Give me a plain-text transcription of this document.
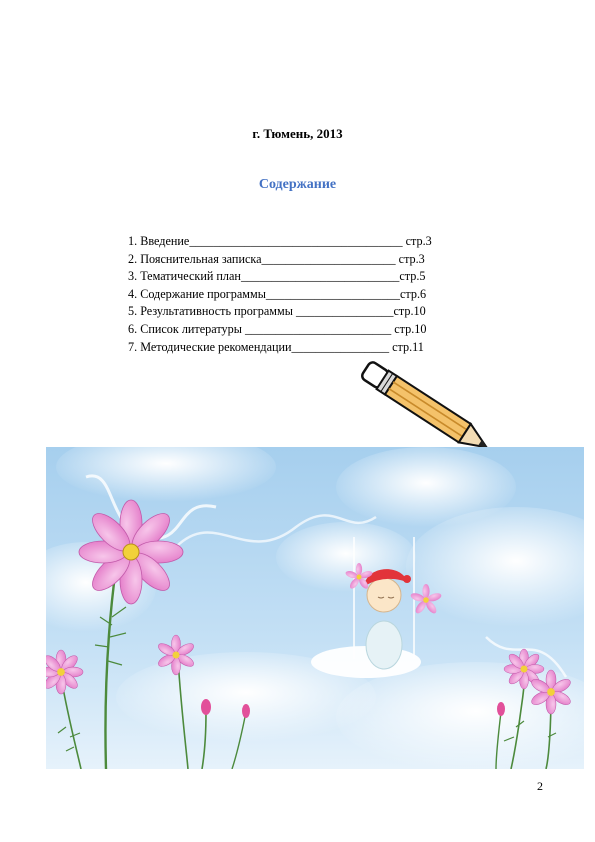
г. Тюмень, 2013
Содержание
1. Введение___________________________________ стр.3
2. Пояснительная записка______________________ стр.3
3. Тематический план__________________________стр.5
4. Содержание программы______________________стр.6
5. Результативность программы ________________стр.10
6. Список литературы ________________________ стр.10
7. Методические рекомендации________________ стр.11
2
